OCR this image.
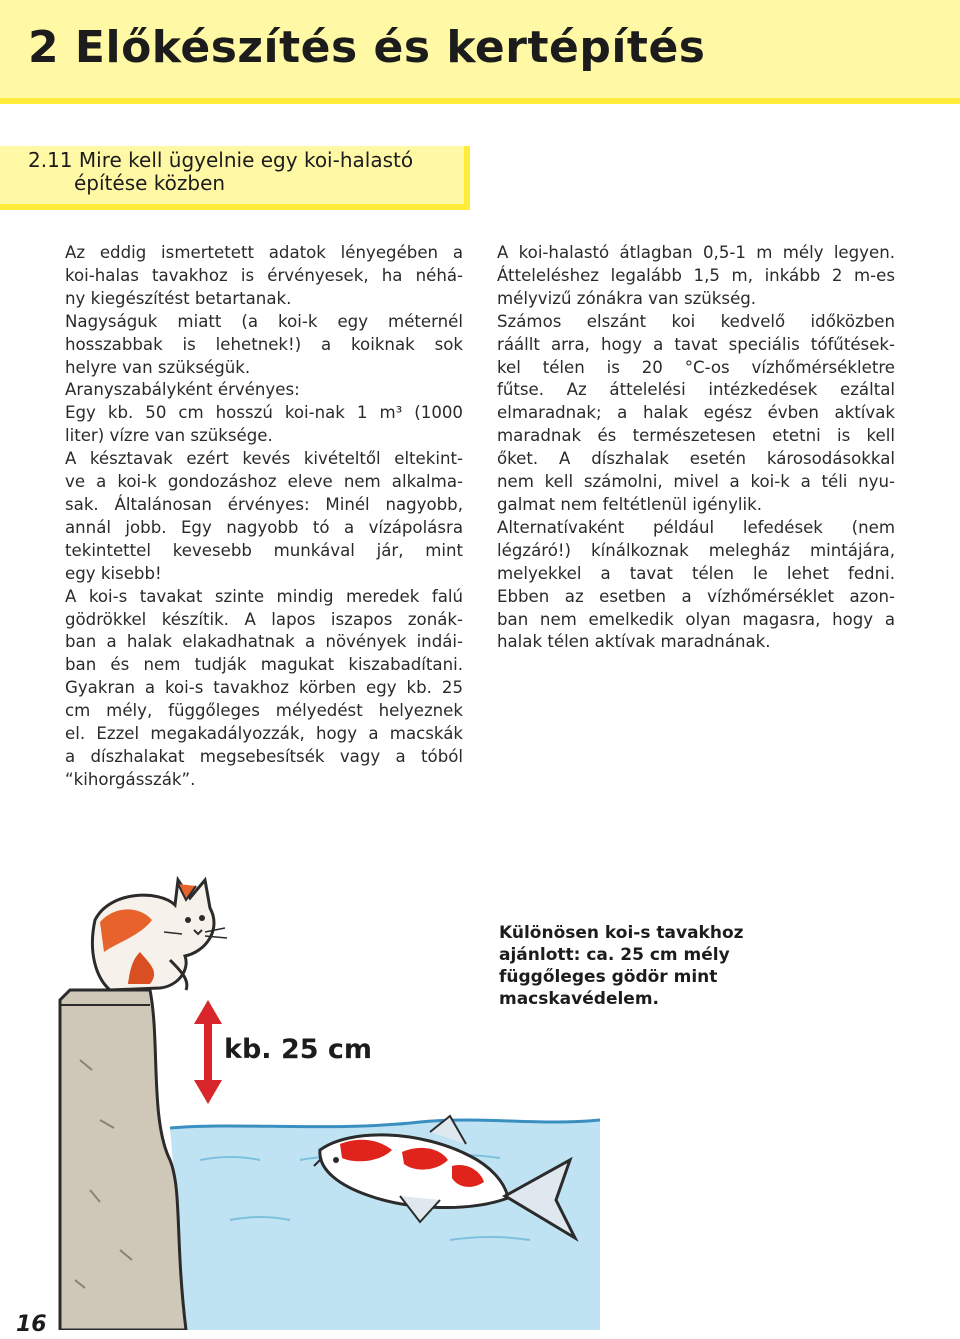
2 Előkészítés és kertépítés
2.11 Mire kell ügyelnie egy koi-halastó
építése közben
Az eddig ismertetett adatok lényegében a
koi-halas tavakhoz is érvényesek, ha néhá-
ny kiegészítést betartanak.
Nagyságuk miatt (a koi-k egy méternél
hosszabbak is lehetnek!) a koiknak sok
helyre van szükségük.
Aranyszabályként érvényes:
Egy kb. 50 cm hosszú koi-nak 1 m³ (1000
liter) vízre van szüksége.
A késztavak ezért kevés kivételtől eltekint-
ve a koi-k gondozáshoz eleve nem alkalma-
sak. Általánosan érvényes: Minél nagyobb,
annál jobb. Egy nagyobb tó a vízápolásra
tekintettel kevesebb munkával jár, mint
egy kisebb!
A koi-s tavakat szinte mindig meredek falú
gödrökkel készítik. A lapos iszapos zonák-
ban a halak elakadhatnak a növények indái-
ban és nem tudják magukat kiszabadítani.
Gyakran a koi-s tavakhoz körben egy kb. 25
cm mély, függőleges mélyedést helyeznek
el. Ezzel megakadályozzák, hogy a macskák
a díszhalakat megsebesítsék vagy a tóból
“kihorgásszák”.
A koi-halastó átlagban 0,5-1 m mély legyen.
Átteleléshez legalább 1,5 m, inkább 2 m-es
mélyvizű zónákra van szükség.
Számos elszánt koi kedvelő időközben
ráállt arra, hogy a tavat speciális tófűtések-
kel télen is 20 °C-os vízhőmérsékletre
fűtse. Az áttelelési intézkedések ezáltal
elmaradnak; a halak egész évben aktívak
maradnak és természetesen etetni is kell
őket. A díszhalak esetén károsodásokkal
nem kell számolni, mivel a koi-k a téli nyu-
galmat nem feltétlenül igénylik.
Alternatívaként például lefedések (nem
légzáró!) kínálkoznak melegház mintájára,
melyekkel a tavat télen le lehet fedni.
Ebben az esetben a vízhőmérséklet azon-
ban nem emelkedik olyan magasra, hogy a
halak télen aktívak maradnának.

kb. 25 cm

Különösen koi-s tavakhoz
ajánlott: ca. 25 cm mély
függőleges gödör mint
macskavédelem.

16
